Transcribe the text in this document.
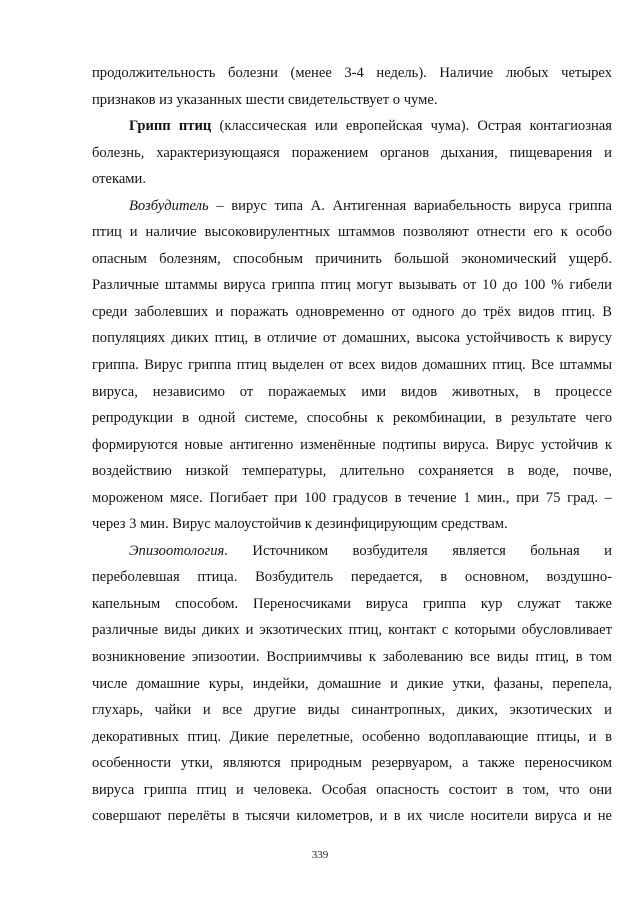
продолжительность болезни (менее 3-4 недель). Наличие любых четырех
признаков из указанных шести свидетельствует о чуме.
Грипп птиц (классическая или европейская чума). Острая контагиозная
болезнь, характеризующаяся поражением органов дыхания, пищеварения и
отеками.
Возбудитель – вирус типа А. Антигенная вариабельность вируса гриппа
птиц и наличие высоковирулентных штаммов позволяют отнести его к особо
опасным болезням, способным причинить большой экономический ущерб.
Различные штаммы вируса гриппа птиц могут вызывать от 10 до 100 % гибели
среди заболевших и поражать одновременно от одного до трёх видов птиц. В
популяциях диких птиц, в отличие от домашних, высока устойчивость к вирусу
гриппа. Вирус гриппа птиц выделен от всех видов домашних птиц. Все штаммы
вируса, независимо от поражаемых ими видов животных, в процессе
репродукции в одной системе, способны к рекомбинации, в результате чего
формируются новые антигенно изменённые подтипы вируса. Вирус устойчив к
воздействию низкой температуры, длительно сохраняется в воде, почве,
мороженом мясе. Погибает при 100 градусов в течение 1 мин., при 75 град. –
через 3 мин. Вирус малоустойчив к дезинфицирующим средствам.
Эпизоотология. Источником возбудителя является больная и
переболевшая птица. Возбудитель передается, в основном, воздушно-
капельным способом. Переносчиками вируса гриппа кур служат также
различные виды диких и экзотических птиц, контакт с которыми обусловливает
возникновение эпизоотии. Восприимчивы к заболеванию все виды птиц, в том
числе домашние куры, индейки, домашние и дикие утки, фазаны, перепела,
глухарь, чайки и все другие виды синантропных, диких, экзотических и
декоративных птиц. Дикие перелетные, особенно водоплавающие птицы, и в
особенности утки, являются природным резервуаром, а также переносчиком
вируса гриппа птиц и человека. Особая опасность состоит в том, что они
совершают перелёты в тысячи километров, и в их числе носители вируса и не
339
